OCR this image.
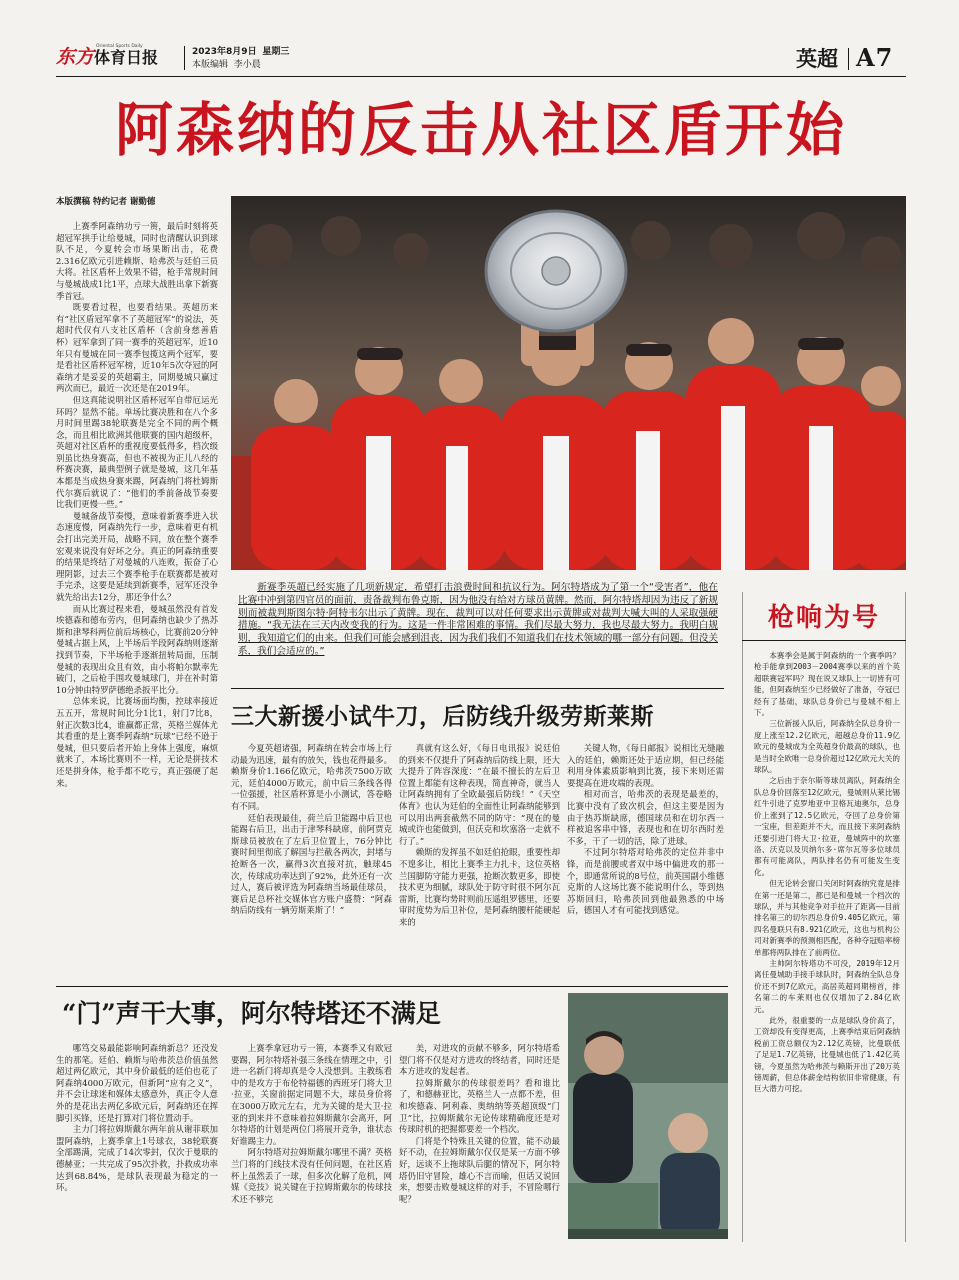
东方 体育日报
Oriental Sports Daily
2023年8月9日 星期三
本版编辑 李小晨	英超 A7
阿森纳的反击从社区盾开始
本版撰稿 特约记者 谢勤德

上赛季阿森纳功亏一篑，最后时刻将英超冠军拱手让给曼城，同时也清醒认识到球队不足，今夏转会市场果断出击，花费2.316亿欧元引进赖斯、哈弗茨与廷伯三员大将。社区盾杯上效果不错，枪手常规时间与曼城战成1比1平，点球大战胜出拿下新赛季首冠。

既要看过程，也要看结果。英超历来有“社区盾冠军拿不了英超冠军”的说法，英超时代仅有八支社区盾杯（含前身慈善盾杯）冠军拿到了同一赛季的英超冠军，近10年只有曼城在同一赛季包揽这两个冠军，要是看社区盾杯冠军榜，近10年5次夺冠的阿森纳才是妥妥的英超霸主，同期曼城只赢过两次而已，最近一次还是在2019年。

但这真能说明社区盾杯冠军自带厄运光环吗？显然不能。单场比赛决胜和在八个多月时间里踢38轮联赛是完全不同的两个概念，而且相比欧洲其他联赛的国内超级杯，英超对社区盾杯的重视度要低得多，档次级别虽比热身赛高，但也不被视为正儿八经的杯赛决赛，最典型例子就是曼城，这几年基本都是当成热身赛来踢，阿森纳门将杜姆斯代尔赛后就说了：“他们的季前备战节奏要比我们更慢一些。”

曼城备战节奏慢，意味着新赛季进入状态速度慢，阿森纳先行一步，意味着更有机会打出完美开局，战略不同，放在整个赛季宏观来说没有好坏之分。真正的阿森纳重要的结果是终结了对曼城的八连败，振奋了心理阴影，过去三个赛季枪手在联赛都是被对手完杀，这要是延续到新赛季，冠军还没争就先给出去12分，那还争什么？

而从比赛过程来看，曼城虽然没有首发埃德森和德布劳内，但阿森纳也缺少了热苏斯和津琴科两位前后场核心，比赛前20分钟曼城占据上风，上半场后半段阿森纳则逐渐找到节奏，下半场枪手逐渐扭转局面，压制曼城的表现出众且有效，由小将帕尔默率先破门，之后枪手围攻曼城球门，并在补时第10分钟由特罗萨德绝杀扳平比分。

总体来说，比赛场面均衡，控球率接近五五开，常规时间比分1比1，射门7比8，射正次数3比4，谁赢都正常，英格兰媒体尤其看重的是上赛季阿森纳“玩球”已经不逊于曼城，但只要后者开始上身体上强度，麻烦就来了，本场比赛则不一样，无论是拼技术还是拼身体，枪手都不吃亏，真正强硬了起来。

新赛季英超已经实施了几项新规定，希望打击浪费时间和抗议行为。阿尔特塔成为了第一个“受害者”，他在比赛中冲到第四官员的面前，责备裁判布鲁克斯，因为他没有给对方球员黄牌。然而，阿尔特塔却因为违反了新规则而被裁判斯图尔特·阿特韦尔出示了黄牌。现在，裁判可以对任何要求出示黄牌或对裁判大喊大叫的人采取强硬措施。“我无法在三天内改变我的行为。这是一件非常困难的事情。我们尽最大努力，我也尽最大努力。我明白规则，我知道它们的由来。但我们可能会感到沮丧，因为我们我们不知道我们在技术领域的哪一部分有问题。但没关系，我们会适应的。”
枪响为号

本赛季会是属于阿森纳的一个赛季吗？枪手能拿到2003－2004赛季以来的首个英超联赛冠军吗？现在说又球队上一切皆有可能，但阿森纳至少已经做好了准备，夺冠已经有了基础，球队总身价已与曼城不相上下。

三位新援入队后，阿森纳全队总身价一度上涨至12.2亿欧元，超越总身价11.9亿欧元的曼城成为全英超身价最高的球队，也是当时全欧唯一总身价超过12亿欧元大关的球队。

之后由于奈尔斯等球员离队，阿森纳全队总身价回落至12亿欧元，曼城则从莱比锡红牛引进了克罗地亚中卫格瓦迪奥尔，总身价上涨到了12.5亿欧元，夺回了总身价第一宝座，但差距并不大，而且接下来阿森纳还要引进门将大卫·拉亚，曼城阵中的坎塞洛、沃克以及贝纳尔多·席尔瓦等多位球员都有可能离队，两队排名仍有可能发生变化。

但无论转会窗口关闭时阿森纳究竟是排在第一还是第二，都已是和曼城一个档次的球队，并与其他竞争对手拉开了距离——目前排名第三的切尔西总身价9.405亿欧元，第四名曼联只有8.921亿欧元，这也与机构公司对新赛季的预测相匹配，各种夺冠赔率榜单都将两队排在了前两位。

主帅阿尔特塔功不可没，2019年12月离任曼城助手接手球队时，阿森纳全队总身价还不到7亿欧元，高居英超同期榜首，排名第二的车莱则也仅仅增加了2.84亿欧元。

此外，很重要的一点是球队身价高了，工资却没有变得更高，上赛季结束后阿森纳税前工资总额仅为2.12亿英镑，比曼联低了足足1.7亿英镑，比曼城也低了1.42亿英镑，今夏虽然为哈弗茨与赖斯开出了20万英镑周薪，但总体薪金结构依旧非常健康，有巨大潜力可挖。

三大新援小试牛刀，后防线升级劳斯莱斯

今夏英超诸强，阿森纳在转会市场上行动最为迅速，最有的放矢，钱也花得最多。赖斯身价1.166亿欧元，哈弗茨7500万欧元，廷伯4000万欧元，前中后三条线各得一位强援，社区盾杯算是小小测试，答卷略有不同。

廷伯表现最佳，荷兰后卫能踢中后卫也能踢右后卫，出击于津琴科缺席，前阿贾克斯球员被放在了左后卫位置上，76分钟比赛时间里彻底了解国与拦截各两次，封堵与抢断各一次，赢得3次直接对抗，触球45次，传球成功率达到了92%，此外还有一次过人，赛后被评选为阿森纳当场最佳球员，赛后足总杯社交媒体官方账户盛赞：“阿森纳后防线有一辆劳斯莱斯了！”

真就有这么好，《每日电讯报》说廷伯的到来不仅提升了阿森纳后防线上限，还大大提升了阵容深度：“在最不擅长的左后卫位置上都能有这种表现，简直神奇，就当人让阿森纳拥有了全欧最强后防线！”《天空体育》也认为廷伯的全面性让阿森纳能够到可以用出两套截然不同的防守：“现在的曼城或许也能做到，但沃克和坎塞洛一走就不行了。”

赖斯的发挥虽不如廷伯抢眼，重要性却不遑多让，相比上赛季主力扎卡，这位英格兰国脚防守能力更强，抢断次数更多，即使技术更为细腻，球队处于防守时很不阿尔瓦雷斯，比赛均势时则前压遥组罗德里，还要审时度势为后卫补位，是阿森纳腰杆能硬起来的

关键人物，《每日邮报》说相比无缝融入的廷伯，赖斯还处于适应期，但已经能利用身体素质影响到比赛，接下来则还需要提高在进攻端的表现。

相对而言，哈弗茨的表现是最差的，比赛中没有了致次机会，但这主要是因为由于热苏斯缺席，德国球员和在切尔西一样被追客串中锋，表现也和在切尔西时差不多，干了一切的活，除了进球。

不过阿尔特塔对哈弗茨的定位并非中锋，而是前腰或者双中场中偏进攻的那一个，即通常所说的8号位，前英国副小维德克斯的人这场比赛不能说明什么，等到热苏斯回归，哈弗茨回到他最熟悉的中场后，德国人才有可能找到感觉。

“门”声干大事，阿尔特塔还不满足

哪笃交易最能影响阿森纳新总？还没发生的那笔。廷伯、赖斯与哈弗茨总价值虽然超过两亿欧元，其中身价最低的廷伯也花了阿森纳4000万欧元，但新阿“应有之义”，并不会让球迷和媒体太感意外，真正令人意外的是花出去两亿多欧元后，阿森纳还在挥脚引买锋，还是打算对门将位置动手。

主力门将拉姆斯戴尔两年前从谢菲联加盟阿森纳，上赛季拿上1号球衣，38轮联赛全部踢满，完成了14次零封，仅次于曼联的德赫亚；一共完成了95次扑救，扑救成功率达到68.84%，是球队表现最为稳定的一环。

上赛季拿冠功亏一篑，本赛季又有欧冠要踢，阿尔特塔补强三条线在情理之中，引进一名新门将却真是令人没想到。主教练看中的是攻方于布伦特福德的西班牙门将大卫·拉亚，关窗前据定同题不大，球员身价将在3000万欧元左右，尤为关键的是大卫·拉亚的到来并不意味着拉姆斯戴尔会离开，阿尔特塔的计划是两位门将展开竞争，谁状态好谁踢主力。

阿尔特塔对拉姆斯戴尔哪里不满？英格兰门将的门线技术没有任何问题，在社区盾杯上虽然丢了一球，但多次化解了危机，网媒《竞技》说关键在于拉姆斯戴尔的传球技术还不够完

美，对进攻的贡献不够多，阿尔特塔希望门将不仅是对方进攻的终结者，同时还是本方进攻的发起者。

拉姆斯戴尔的传球很差吗？看和谁比了，和德赫亚比，英格兰人一点都不差，但和埃德森、阿利森、奥纳纳等英超顶级“门卫”比，拉姆斯戴尔无论传球精确度还是对传球时机的把握都要差一个档次。

门将是个特殊且关键的位置，能不动最好不动，在拉姆斯戴尔仅仅是某一方面不够好，远谈不上拖球队后腿的情况下，阿尔特塔仍旧守冒险，雄心不言而喻，但话又说回来，想要击败曼城这样的对手，不冒险哪行呢？
